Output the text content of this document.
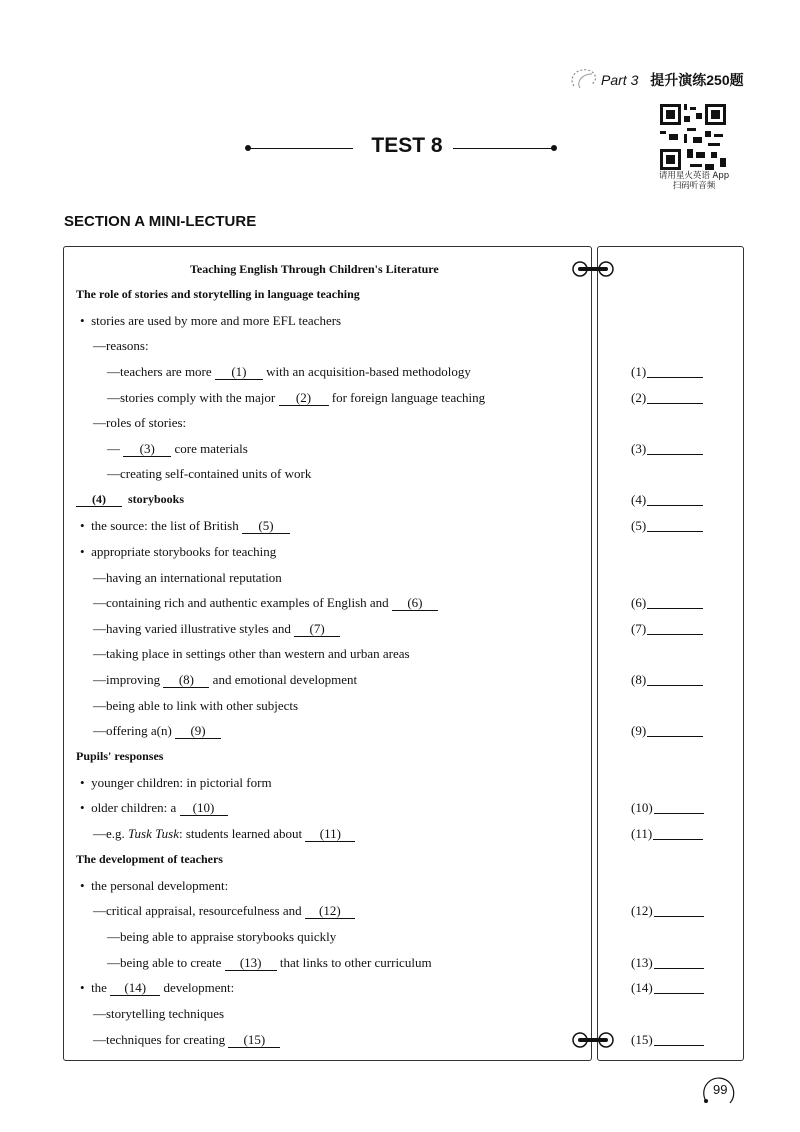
Part 3 提升演练250题
TEST 8
请用星火英语 App
扫码听音频
SECTION A MINI-LECTURE
Teaching English Through Children's Literature
The role of stories and storytelling in language teaching
• stories are used by more and more EFL teachers
—reasons:
—teachers are more (1) with an acquisition-based methodology
—stories comply with the major (2) for foreign language teaching
—roles of stories:
— (3) core materials
—creating self-contained units of work
(4) storybooks
• the source: the list of British (5)
• appropriate storybooks for teaching
—having an international reputation
—containing rich and authentic examples of English and (6)
—having varied illustrative styles and (7)
—taking place in settings other than western and urban areas
—improving (8) and emotional development
—being able to link with other subjects
—offering a(n) (9)
Pupils' responses
• younger children: in pictorial form
• older children: a (10)
—e.g. Tusk Tusk: students learned about (11)
The development of teachers
• the personal development:
—critical appraisal, resourcefulness and (12)
—being able to appraise storybooks quickly
—being able to create (13) that links to other curriculum
• the (14) development:
—storytelling techniques
—techniques for creating (15)
(1)
(2)
(3)
(4)
(5)
(6)
(7)
(8)
(9)
(10)
(11)
(12)
(13)
(14)
(15)
99
